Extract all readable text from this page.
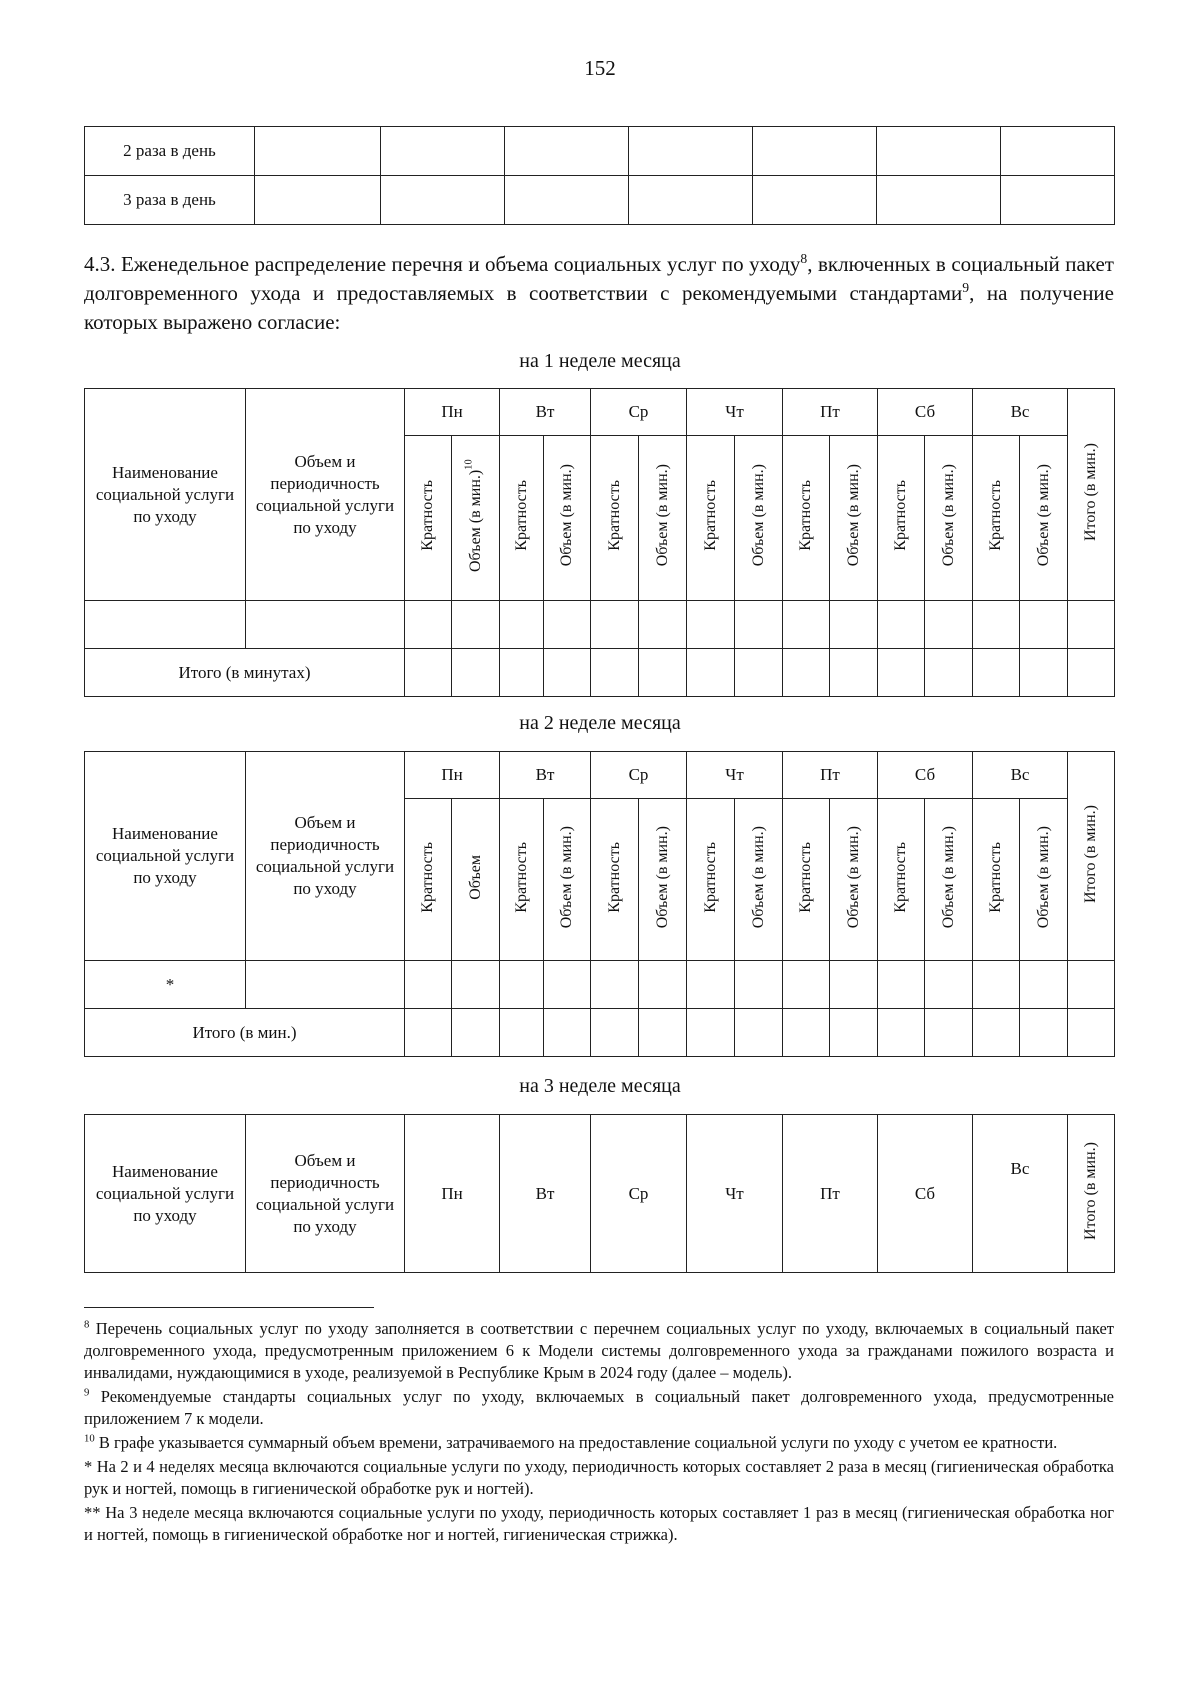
152
2 раза в день							
3 раза в день							
4.3. Еженедельное распределение перечня и объема социальных услуг по уходу$^8$, включенных в социальный пакет долговременного ухода и предоставляемых в соответствии с рекомендуемыми стандартами$^9$, на получение которых выражено согласие:
на 1 неделе месяца
Наименование социальной услуги по уходу	Объем и периодичность социальной услуги по уходу	Пн		Вт		Ср		Чт		Пт		Сб		Вс		Итого (в мин.)
		Кратность	Объем (в мин.)$^{10}$	Кратность	Объем (в мин.)	Кратность	Объем (в мин.)	Кратность	Объем (в мин.)	Кратность	Объем (в мин.)	Кратность	Объем (в мин.)	Кратность	Объем (в мин.)	

Итого (в минутах)																
на 2 неделе месяца
Наименование социальной услуги по уходу	Объем и периодичность социальной услуги по уходу	Пн		Вт		Ср		Чт		Пт		Сб		Вс		Итого (в мин.)
		Кратность	Объем	Кратность	Объем (в мин.)	Кратность	Объем (в мин.)	Кратность	Объем (в мин.)	Кратность	Объем (в мин.)	Кратность	Объем (в мин.)	Кратность	Объем (в мин.)	
*																
Итого (в мин.)																
на 3 неделе месяца
Наименование социальной услуги по уходу	Объем и периодичность социальной услуги по уходу	Пн	Вт	Ср	Чт	Пт	Сб	Вс	Итого (в мин.)

$^8$ Перечень социальных услуг по уходу заполняется в соответствии с перечнем социальных услуг по уходу, включаемых в социальный пакет долговременного ухода, предусмотренным приложением 6 к Модели системы долговременного ухода за гражданами пожилого возраста и инвалидами, нуждающимися в уходе, реализуемой в Республике Крым в 2024 году (далее – модель).

$^9$ Рекомендуемые стандарты социальных услуг по уходу, включаемых в социальный пакет долговременного ухода, предусмотренные приложением 7 к модели.

$^{10}$ В графе указывается суммарный объем времени, затрачиваемого на предоставление социальной услуги по уходу с учетом ее кратности.

* На 2 и 4 неделях месяца включаются социальные услуги по уходу, периодичность которых составляет 2 раза в месяц (гигиеническая обработка рук и ногтей, помощь в гигиенической обработке рук и ногтей).

** На 3 неделе месяца включаются социальные услуги по уходу, периодичность которых составляет 1 раз в месяц (гигиеническая обработка ног и ногтей, помощь в гигиенической обработке ног и ногтей, гигиеническая стрижка).
